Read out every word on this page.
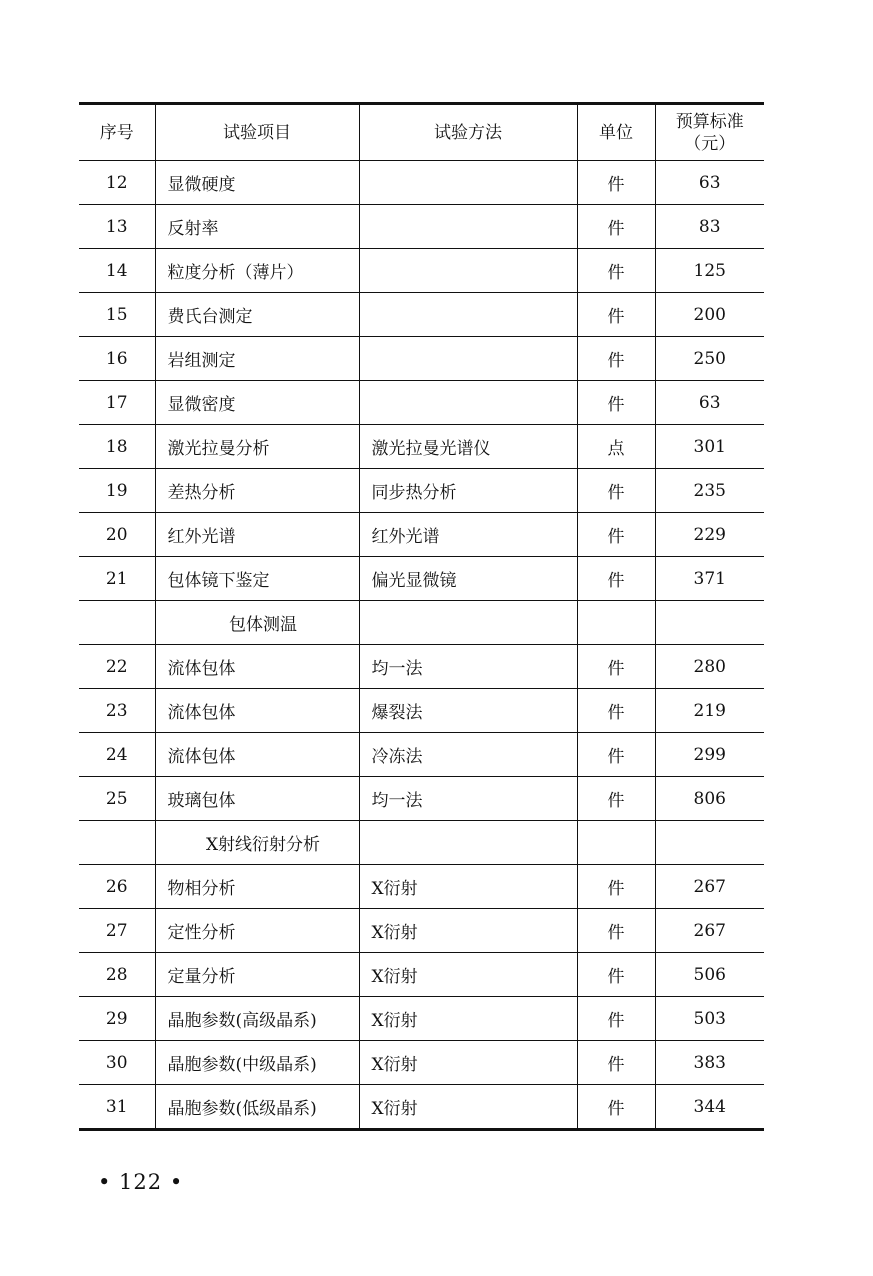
序号	试验项目	试验方法	单位	预算标准
（元）
12	显微硬度		件	63
13	反射率		件	83
14	粒度分析（薄片）		件	125
15	费氏台测定		件	200
16	岩组测定		件	250
17	显微密度		件	63
18	激光拉曼分析	激光拉曼光谱仪	点	301
19	差热分析	同步热分析	件	235
20	红外光谱	红外光谱	件	229
21	包体镜下鉴定	偏光显微镜	件	371
	包体测温			
22	流体包体	均一法	件	280
23	流体包体	爆裂法	件	219
24	流体包体	冷冻法	件	299
25	玻璃包体	均一法	件	806
	X射线衍射分析			
26	物相分析	X衍射	件	267
27	定性分析	X衍射	件	267
28	定量分析	X衍射	件	506
29	晶胞参数(高级晶系)	X衍射	件	503
30	晶胞参数(中级晶系)	X衍射	件	383
31	晶胞参数(低级晶系)	X衍射	件	344
• 122 •
